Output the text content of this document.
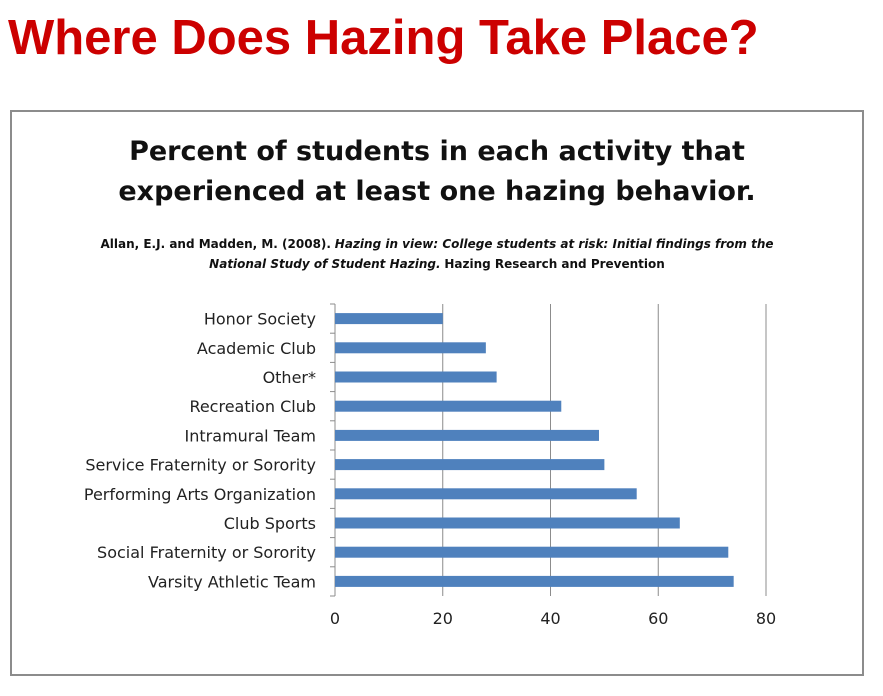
Where Does Hazing Take Place?
Percent of students in each activity that
experienced at least one hazing behavior.
Allan, E.J. and Madden, M. (2008). Hazing in view: College students at risk: Initial findings from the
National Study of Student Hazing. Hazing Research and Prevention
Honor Society
Academic Club
Other*
Recreation Club
Intramural Team
Service Fraternity or Sorority
Performing Arts Organization
Club Sports
Social Fraternity or Sorority
Varsity Athletic Team
0	20	40	60	80
